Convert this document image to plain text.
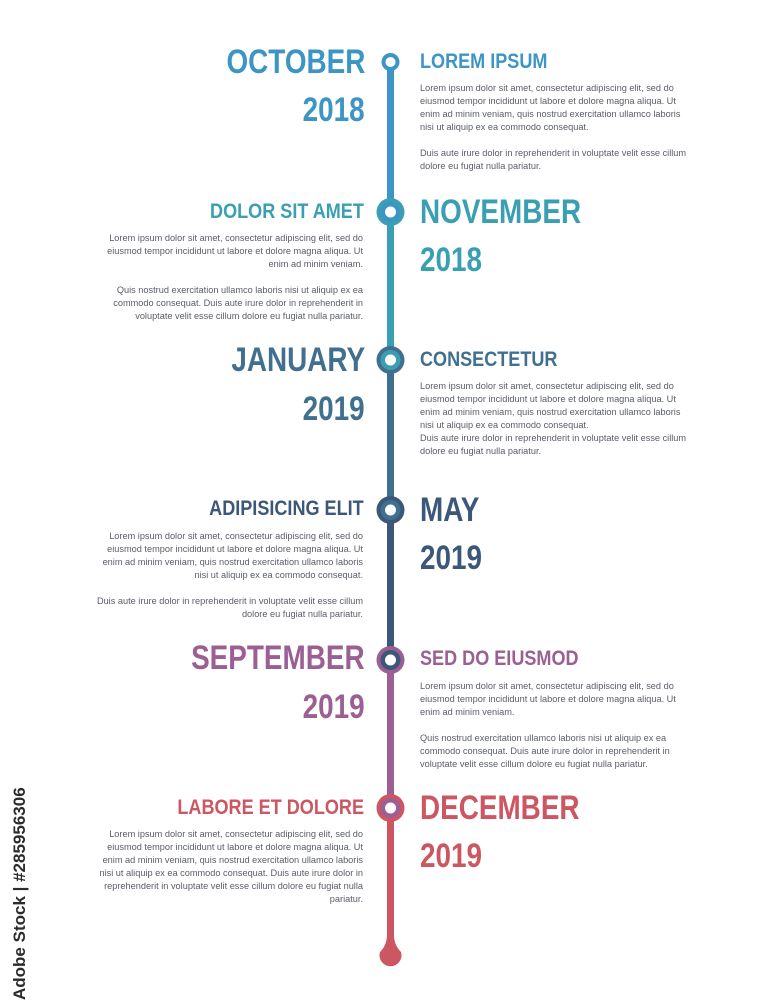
OCTOBER
2018
LOREM IPSUM

Lorem ipsum dolor sit amet, consectetur adipiscing elit, sed do eiusmod tempor incididunt ut labore et dolore magna aliqua. Ut enim ad minim veniam, quis nostrud exercitation ullamco laboris nisi ut aliquip ex ea commodo consequat.

Duis aute irure dolor in reprehenderit in voluptate velit esse cillum dolore eu fugiat nulla pariatur.

DOLOR SIT AMET

Lorem ipsum dolor sit amet, consectetur adipiscing elit, sed do eiusmod tempor incididunt ut labore et dolore magna aliqua. Ut enim ad minim veniam.

Quis nostrud exercitation ullamco laboris nisi ut aliquip ex ea commodo consequat. Duis aute irure dolor in reprehenderit in voluptate velit esse cillum dolore eu fugiat nulla pariatur.

NOVEMBER
2018
JANUARY
2019
CONSECTETUR

Lorem ipsum dolor sit amet, consectetur adipiscing elit, sed do eiusmod tempor incididunt ut labore et dolore magna aliqua. Ut enim ad minim veniam, quis nostrud exercitation ullamco laboris nisi ut aliquip ex ea commodo consequat.

Duis aute irure dolor in reprehenderit in voluptate velit esse cillum dolore eu fugiat nulla pariatur.

ADIPISICING ELIT

Lorem ipsum dolor sit amet, consectetur adipiscing elit, sed do eiusmod tempor incididunt ut labore et dolore magna aliqua. Ut enim ad minim veniam, quis nostrud exercitation ullamco laboris nisi ut aliquip ex ea commodo consequat.

Duis aute irure dolor in reprehenderit in voluptate velit esse cillum dolore eu fugiat nulla pariatur.

MAY
2019
SEPTEMBER
2019
SED DO EIUSMOD

Lorem ipsum dolor sit amet, consectetur adipiscing elit, sed do eiusmod tempor incididunt ut labore et dolore magna aliqua. Ut enim ad minim veniam.

Quis nostrud exercitation ullamco laboris nisi ut aliquip ex ea commodo consequat. Duis aute irure dolor in reprehenderit in voluptate velit esse cillum dolore eu fugiat nulla pariatur.

LABORE ET DOLORE

Lorem ipsum dolor sit amet, consectetur adipiscing elit, sed do eiusmod tempor incididunt ut labore et dolore magna aliqua. Ut enim ad minim veniam, quis nostrud exercitation ullamco laboris nisi ut aliquip ex ea commodo consequat. Duis aute irure dolor in reprehenderit in voluptate velit esse cillum dolore eu fugiat nulla pariatur.

DECEMBER
2019
Adobe Stock | #285956306
